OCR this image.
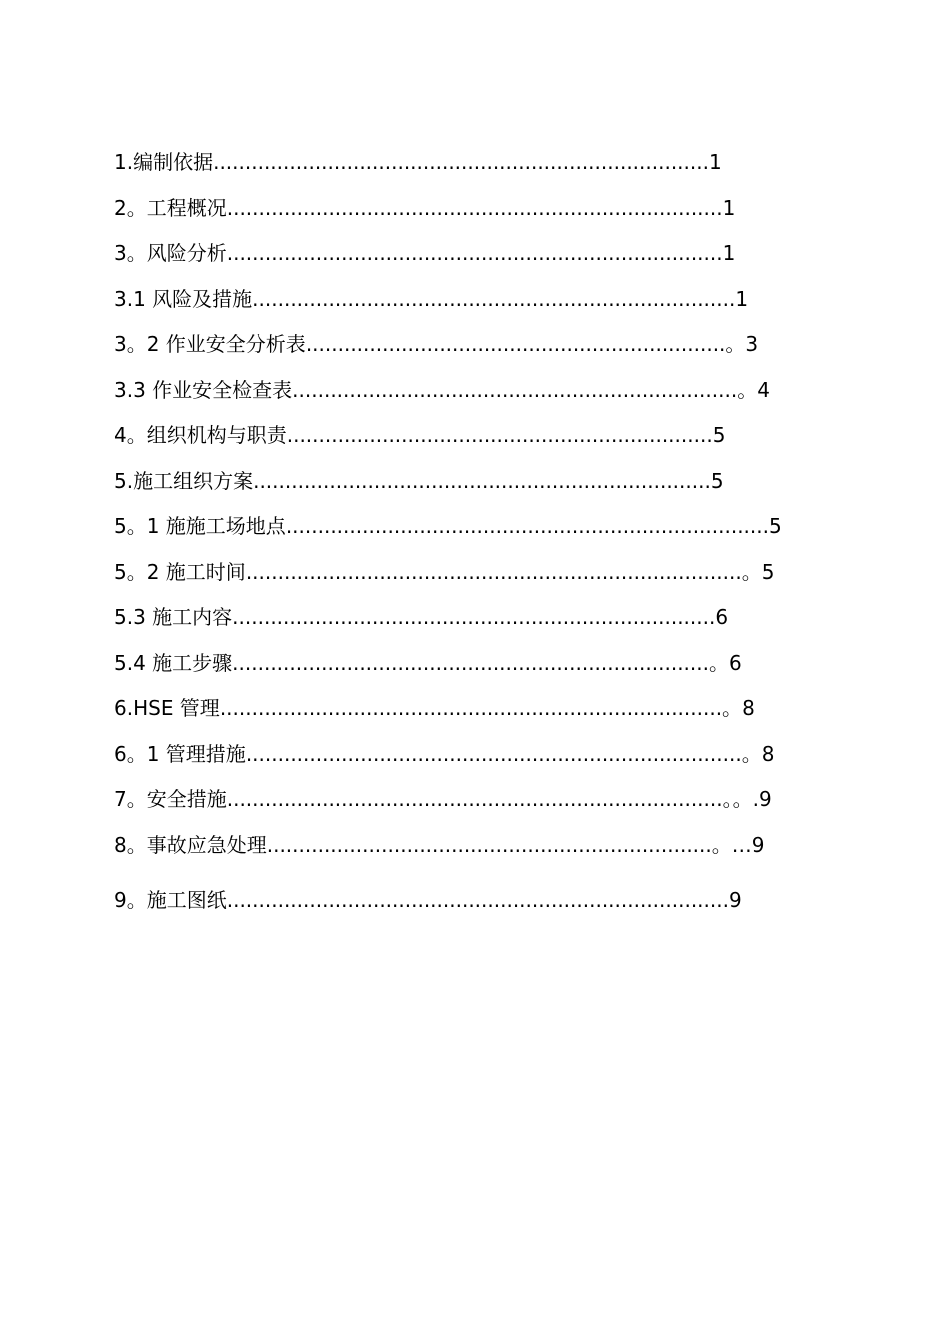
1.编制依据..............................................................................1
2。工程概况..............................................................................1
3。风险分析..............................................................................1
3.1 风险及措施............................................................................1
3。2 作业安全分析表..................................................................。3
3.3 作业安全检查表......................................................................。4
4。组织机构与职责...................................................................5
5.施工组织方案........................................................................5
5。1 施施工场地点............................................................................5
5。2 施工时间..............................................................................。5
5.3 施工内容............................................................................6
5.4 施工步骤...........................................................................。6
6.HSE 管理...............................................................................。8
6。1 管理措施..............................................................................。8
7。安全措施..............................................................................。。.9
8。事故应急处理......................................................................。…9
9。施工图纸...............................................................................9
